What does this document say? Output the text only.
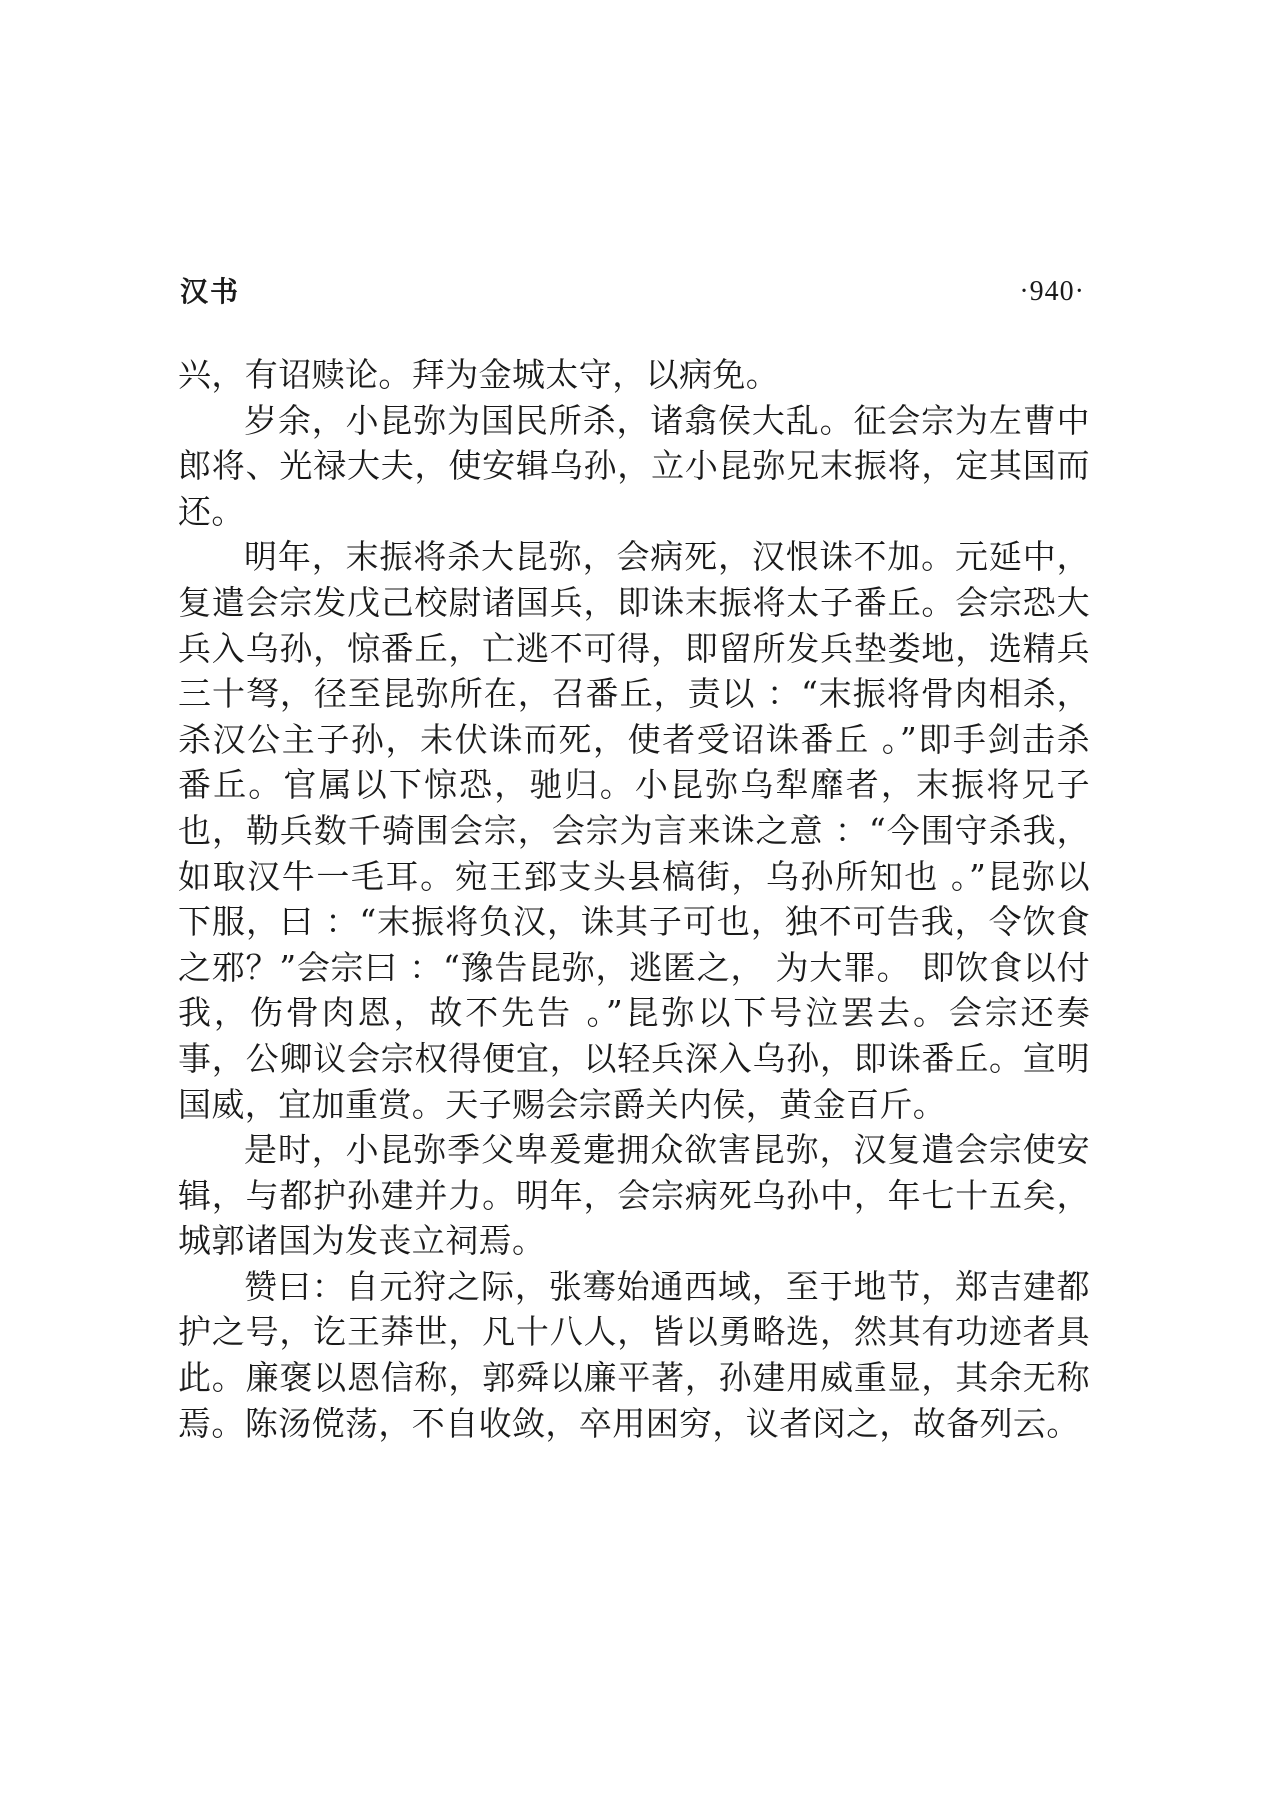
汉书	·940·

兴，有诏赎论。拜为金城太守，以病免。

岁余，小昆弥为国民所杀，诸翕侯大乱。征会宗为左曹中郎将、光禄大夫，使安辑乌孙，立小昆弥兄末振将，定其国而还。

明年，末振将杀大昆弥，会病死，汉恨诛不加。元延中，复遣会宗发戊己校尉诸国兵，即诛末振将太子番丘。会宗恐大兵入乌孙，惊番丘，亡逃不可得，即留所发兵垫娄地，选精兵三十弩，径至昆弥所在，召番丘，责以 ：“末振将骨肉相杀，杀汉公主子孙，未伏诛而死，使者受诏诛番丘 。”即手剑击杀番丘。官属以下惊恐，驰归。小昆弥乌犁靡者，末振将兄子也，勒兵数千骑围会宗，会宗为言来诛之意 ：“今围守杀我，如取汉牛一毛耳。宛王郅支头县槁街，乌孙所知也 。”昆弥以下服，曰 ：“末振将负汉，诛其子可也，独不可告我，令饮食之邪？”会宗曰 ：“豫告昆弥，逃匿之， 为大罪。 即饮食以付我，伤骨肉恩，故不先告 。”昆弥以下号泣罢去。会宗还奏事，公卿议会宗权得便宜，以轻兵深入乌孙，即诛番丘。宣明国威，宜加重赏。天子赐会宗爵关内侯，黄金百斤。

是时，小昆弥季父卑爰疐拥众欲害昆弥，汉复遣会宗使安辑，与都护孙建并力。明年，会宗病死乌孙中，年七十五矣，城郭诸国为发丧立祠焉。

赞曰：自元狩之际，张骞始通西域，至于地节，郑吉建都护之号，讫王莽世，凡十八人，皆以勇略选，然其有功迹者具此。廉褒以恩信称，郭舜以廉平著，孙建用威重显，其余无称焉。陈汤傥荡，不自收敛，卒用困穷，议者闵之，故备列云。
